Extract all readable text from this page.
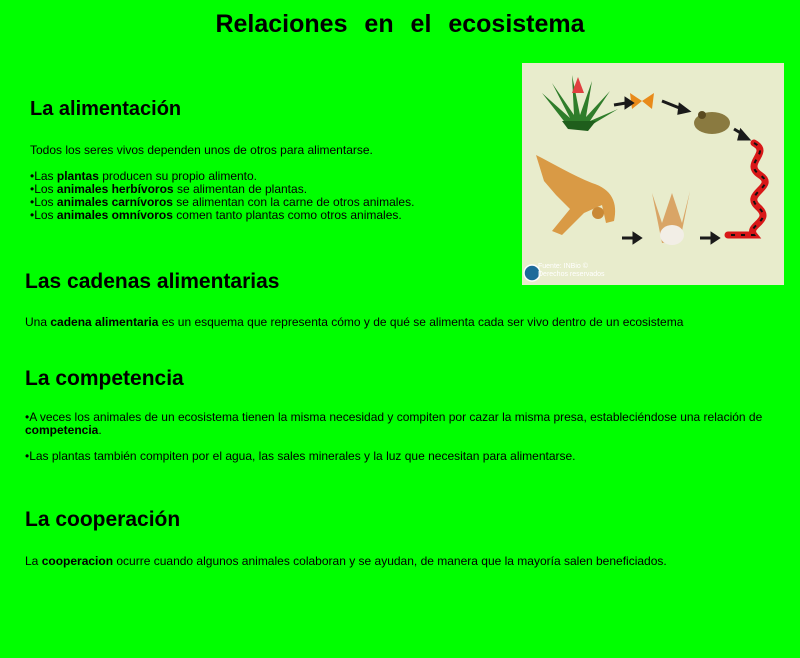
Relaciones en el ecosistema
La alimentación

Todos los seres vivos dependen unos de otros para alimentarse.

•Las plantas producen su propio alimento.
•Los animales herbívoros se alimentan de plantas.
•Los animales carnívoros se alimentan con la carne de otros animales.
•Los animales omnívoros comen tanto plantas como otros animales.
Fuente: INBio ©
Derechos reservados
Las cadenas alimentarias

Una cadena alimentaria es un esquema que representa cómo y de qué se alimenta cada ser vivo dentro de un ecosistema

La competencia

•A veces los animales de un ecosistema tienen la misma necesidad y compiten por cazar la misma presa, estableciéndose una relación de competencia.

•Las plantas también compiten por el agua, las sales minerales y la luz que necesitan para alimentarse.

La cooperación

La cooperacion ocurre cuando algunos animales colaboran y se ayudan, de manera que la mayoría salen beneficiados.
